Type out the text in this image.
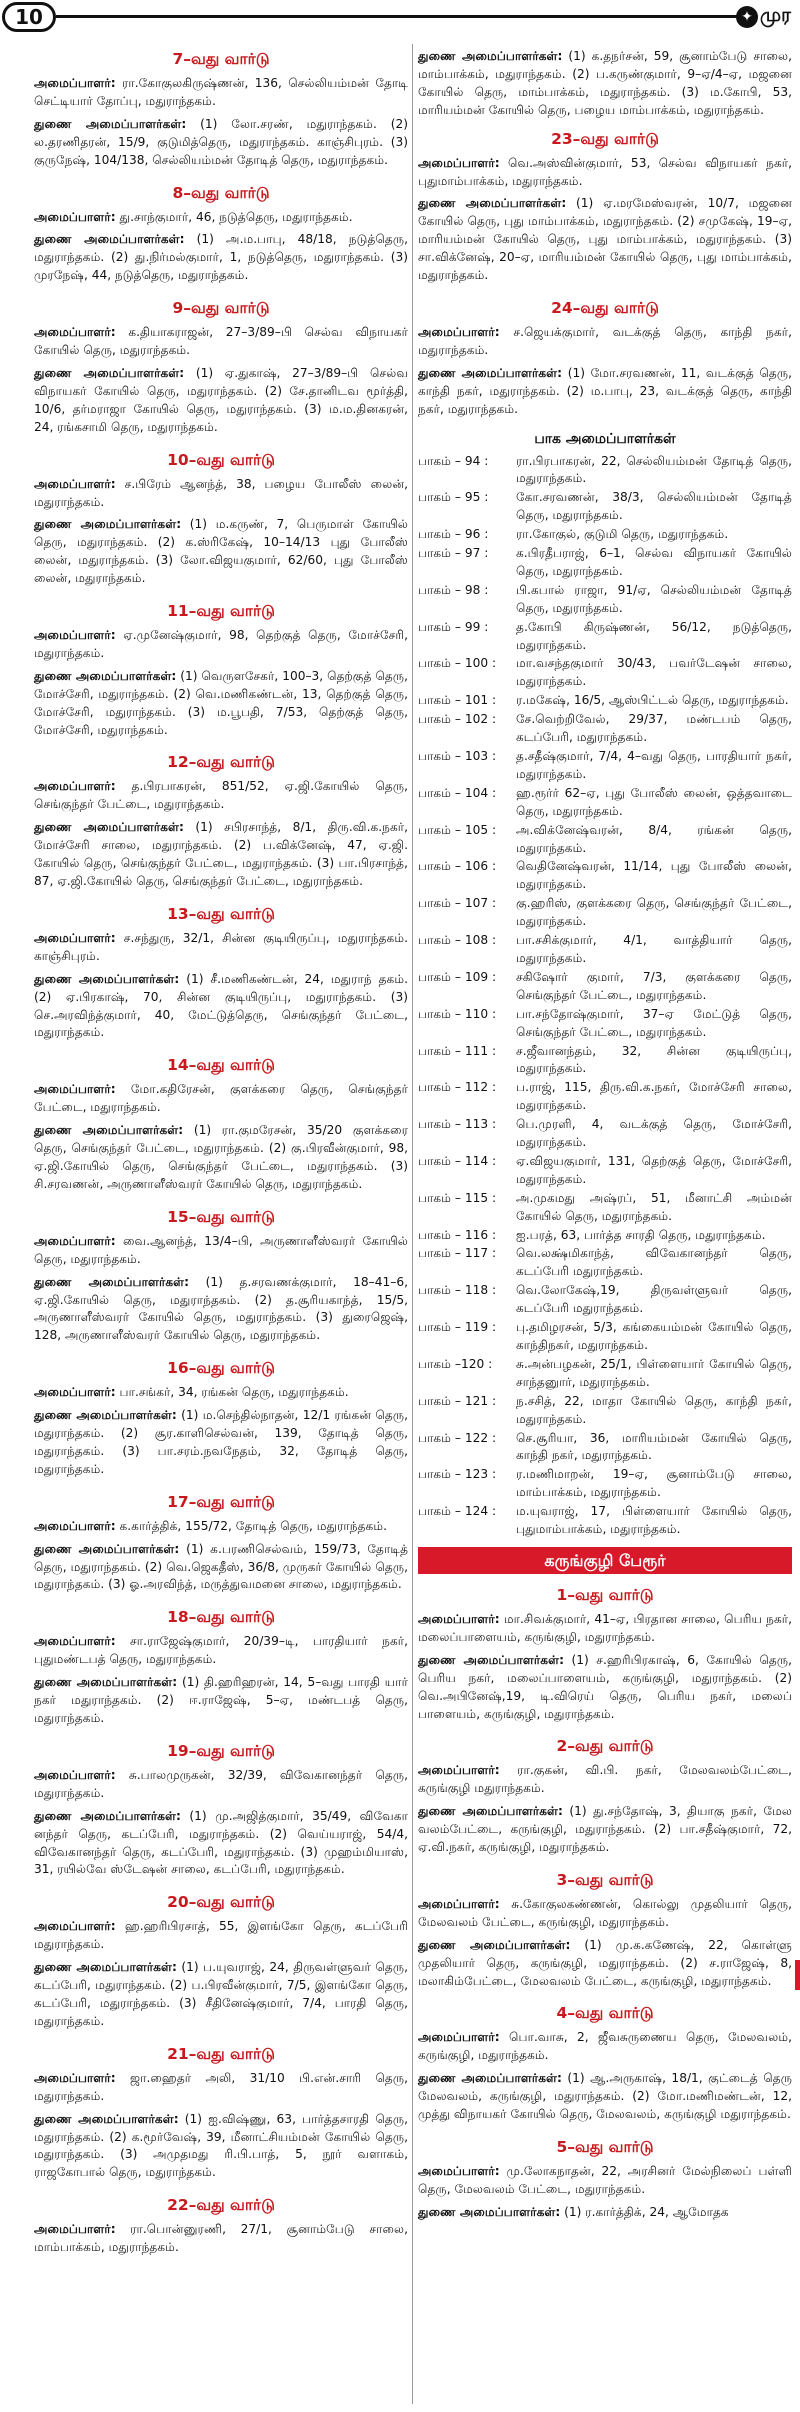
10	✦ முர
7–வது வார்டு
அமைப்பாளர்: ரா.கோகுலகிருஷ்ணன், 136, செல்லியம்மன் தோடி செட்டியார் தோப்பு, மதுராந்தகம்.
துணை அமைப்பாளர்கள்: (1) லோ.சரண், மதுராந்தகம். (2) ல.தரணிதரன், 15/9, குடுமித்தெரு, மதுராந்தகம். காஞ்சிபுரம். (3) குருநேஷ், 104/138, செல்லியம்மன் தோடித் தெரு, மதுராந்தகம்.
8–வது வார்டு
அமைப்பாளர்: து.சாந்குமார், 46, நடுத்தெரு, மதுராந்தகம்.
துணை அமைப்பாளர்கள்: (1) அ.ம.பாபு, 48/18, நடுத்தெரு, மதுராந்தகம். (2) து.நிர்மல்குமார், 1, நடுத்தெரு, மதுராந்தகம். (3) முரநேஷ், 44, நடுத்தெரு, மதுராந்தகம்.
9–வது வார்டு
அமைப்பாளர்: க.தியாகராஜன், 27–3/89–பி செல்வ விநாயகர் கோயில் தெரு, மதுராந்தகம்.
துணை அமைப்பாளர்கள்: (1) ஏ.துகாஷ், 27–3/89–பி செல்வ விநாயகர் கோயில் தெரு, மதுராந்தகம். (2) சே.தானிடவ மூர்த்தி, 10/6, தர்மராஜா கோயில் தெரு, மதுராந்தகம். (3) ம.ம.தினகரன், 24, ரங்கசாமி தெரு, மதுராந்தகம்.
10–வது வார்டு
அமைப்பாளர்: ச.பிரேம் ஆனந்த், 38, பழைய போலீஸ் லைன், மதுராந்தகம்.
துணை அமைப்பாளர்கள்: (1) ம.கருண், 7, பெருமாள் கோயில் தெரு, மதுராந்தகம். (2) க.ஸ்ரிகேஷ், 10–14/13 புது போலீஸ் லைன், மதுராந்தகம். (3) லோ.விஜயகுமார், 62/60, புது போலீஸ் லைன், மதுராந்தகம்.
11–வது வார்டு
அமைப்பாளர்: ஏ.முனேஷ்குமார், 98, தெற்குத் தெரு, மோச்சேரி, மதுராந்தகம்.
துணை அமைப்பாளர்கள்: (1) வெருளசேகர், 100–3, தெற்குத் தெரு, மோச்சேரி, மதுராந்தகம். (2) வெ.மணிகண்டன், 13, தெற்குத் தெரு, மோச்சேரி, மதுராந்தகம். (3) ம.பூபதி, 7/53, தெற்குத் தெரு, மோச்சேரி, மதுராந்தகம்.
12–வது வார்டு
அமைப்பாளர்: த.பிரபாகரன், 851/52, ஏ.ஜி.கோயில் தெரு, செங்குந்தர் பேட்டை, மதுராந்தகம்.
துணை அமைப்பாளர்கள்: (1) சபிரசாந்த், 8/1, திரு.வி.க.நகர், மோச்சேரி சாலை, மதுராந்தகம். (2) ப.விக்னேஷ், 47, ஏ.ஜி. கோயில் தெரு, செங்குந்தர் பேட்டை, மதுராந்தகம். (3) பா.பிரசாந்த், 87, ஏ.ஜி.கோயில் தெரு, செங்குந்தர் பேட்டை, மதுராந்தகம்.
13–வது வார்டு
அமைப்பாளர்: ச.சந்துரு, 32/1, சின்ன குடியிருப்பு, மதுராந்தகம். காஞ்சிபுரம்.
துணை அமைப்பாளர்கள்: (1) சீ.மணிகண்டன், 24, மதுராந் தகம். (2) ஏ.பிரகாஷ், 70, சின்ன குடியிருப்பு, மதுராந்தகம். (3) செ.அரவிந்த்குமார், 40, மேட்டுத்தெரு, செங்குந்தர் பேட்டை, மதுராந்தகம்.
14–வது வார்டு
அமைப்பாளர்: மோ.கதிரேசன், குளக்கரை தெரு, செங்குந்தர் பேட்டை, மதுராந்தகம்.
துணை அமைப்பாளர்கள்: (1) ரா.குமரேசன், 35/20 குளக்கரை தெரு, செங்குந்தர் பேட்டை, மதுராந்தகம். (2) கு.பிரவீன்குமார், 98, ஏ.ஜி.கோயில் தெரு, செங்குந்தர் பேட்டை, மதுராந்தகம். (3) சி.சரவணன், அருணாளீஸ்வரர் கோயில் தெரு, மதுராந்தகம்.
15–வது வார்டு
அமைப்பாளர்: வை.ஆனந்த், 13/4–பி, அருணாளீஸ்வரர் கோயில் தெரு, மதுராந்தகம்.
துணை அமைப்பாளர்கள்: (1) த.சரவணக்குமார், 18–41–6, ஏ.ஜி.கோயில் தெரு, மதுராந்தகம். (2) த.சூரியகாந்த், 15/5, அருணாளீஸ்வரர் கோயில் தெரு, மதுராந்தகம். (3) துரைஜெஷ், 128, அருணாளீஸ்வரர் கோயில் தெரு, மதுராந்தகம்.
16–வது வார்டு
அமைப்பாளர்: பா.சங்கர், 34, ரங்கன் தெரு, மதுராந்தகம்.
துணை அமைப்பாளர்கள்: (1) ம.செந்தில்நாதன், 12/1 ரங்கன் தெரு, மதுராந்தகம். (2) சூர.காளிசெல்வன், 139, தோடித் தெரு, மதுராந்தகம். (3) பா.சரம்.நவநேதம், 32, தோடித் தெரு, மதுராந்தகம்.
17–வது வார்டு
அமைப்பாளர்: க.கார்த்திக், 155/72, தோடித் தெரு, மதுராந்தகம்.
துணை அமைப்பாளர்கள்: (1) க.பரணிசெல்வம், 159/73, தோடித் தெரு, மதுராந்தகம். (2) வெ.ஜெகதீஸ், 36/8, முருகர் கோயில் தெரு, மதுராந்தகம். (3) ஓ.அரவிந்த், மருத்துவமனை சாலை, மதுராந்தகம்.
18–வது வார்டு
அமைப்பாளர்: சா.ராஜேஷ்குமார், 20/39–டி, பாரதியார் நகர், புதுமண்டபத் தெரு, மதுராந்தகம்.
துணை அமைப்பாளர்கள்: (1) தி.ஹரிஹரன், 14, 5–வது பாரதி யார் நகர் மதுராந்தகம். (2) ஈ.ராஜேஷ், 5–ஏ, மண்டபத் தெரு, மதுராந்தகம்.
19–வது வார்டு
அமைப்பாளர்: சு.பாலமுருகன், 32/39, விவேகானந்தர் தெரு, மதுராந்தகம்.
துணை அமைப்பாளர்கள்: (1) மு.அஜித்குமார், 35/49, விவேகா னந்தர் தெரு, கடப்பேரி, மதுராந்தகம். (2) வெய்யராஜ், 54/4, விவேகானந்தர் தெரு, கடப்பேரி, மதுராந்தகம். (3) முஹம்மியாஸ், 31, ரயில்வே ஸ்டேஷன் சாலை, கடப்பேரி, மதுராந்தகம்.
20–வது வார்டு
அமைப்பாளர்: ஹ.ஹரிபிரசாத், 55, இளங்கோ தெரு, கடப்பேரி மதுராந்தகம்.
துணை அமைப்பாளர்கள்: (1) ப.யுவராஜ், 24, திருவள்ளுவர் தெரு, கடப்பேரி, மதுராந்தகம். (2) ப.பிரவீன்குமார், 7/5, இளங்கோ தெரு, கடப்பேரி, மதுராந்தகம். (3) சீதினேஷ்குமார், 7/4, பாரதி தெரு, மதுராந்தகம்.
21–வது வார்டு
அமைப்பாளர்: ஜா.ஹைதர் அலி, 31/10 பி.என்.சாரி தெரு, மதுராந்தகம்.
துணை அமைப்பாளர்கள்: (1) ஐ.விஷ்ணு, 63, பார்த்தசாரதி தெரு, மதுராந்தகம். (2) க.மூர்வேஷ், 39, மீனாட்சியம்மன் கோயில் தெரு, மதுராந்தகம். (3) அமுதமது ரி.பி.பாத், 5, நூர் வளாகம், ராஜகோபால் தெரு, மதுராந்தகம்.
22–வது வார்டு
அமைப்பாளர்: ரா.பொன்னுரணி, 27/1, சூனாம்பேடு சாலை, மாம்பாக்கம், மதுராந்தகம்.
துணை அமைப்பாளர்கள்: (1) க.தநர்சன், 59, சூனாம்பேடு சாலை, மாம்பாக்கம், மதுராந்தகம். (2) ப.கருண்குமார், 9–ஏ/4–ஏ, மஜனை கோயில் தெரு, மாம்பாக்கம், மதுராந்தகம். (3) ம.கோபி, 53, மாரியம்மன் கோயில் தெரு, பழைய மாம்பாக்கம், மதுராந்தகம்.
23–வது வார்டு
அமைப்பாளர்: வெ.அஸ்வின்குமார், 53, செல்வ விநாயகர் நகர், புதுமாம்பாக்கம், மதுராந்தகம்.
துணை அமைப்பாளர்கள்: (1) ஏ.மரமேஸ்வரன், 10/7, மஜனை கோயில் தெரு, புது மாம்பாக்கம், மதுராந்தகம். (2) சமுகேஷ், 19–ஏ, மாரியம்மன் கோயில் தெரு, புது மாம்பாக்கம், மதுராந்தகம். (3) சா.விக்னேஷ், 20–ஏ, மாரியம்மன் கோயில் தெரு, புது மாம்பாக்கம், மதுராந்தகம்.
24–வது வார்டு
அமைப்பாளர்: ச.ஜெயக்குமார், வடக்குத் தெரு, காந்தி நகர், மதுராந்தகம்.
துணை அமைப்பாளர்கள்: (1) மோ.சரவணன், 11, வடக்குத் தெரு, காந்தி நகர், மதுராந்தகம். (2) ம.பாபு, 23, வடக்குத் தெரு, காந்தி நகர், மதுராந்தகம்.
பாக அமைப்பாளர்கள்
பாகம் – 94 :	ரா.பிரபாகரன், 22, செல்லியம்மன் தோடித் தெரு, மதுராந்தகம்.
பாகம் – 95 :	கோ.சரவணன், 38/3, செல்லியம்மன் தோடித் தெரு, மதுராந்தகம்.
பாகம் – 96 :	ரா.கோகுல், குடுமி தெரு, மதுராந்தகம்.
பாகம் – 97 :	க.பிரதீபராஜ், 6–1, செல்வ விநாயகர் கோயில் தெரு, மதுராந்தகம்.
பாகம் – 98 :	பி.கபால் ராஜா, 91/ஏ, செல்லியம்மன் தோடித் தெரு, மதுராந்தகம்.
பாகம் – 99 :	த.கோபி கிருஷ்ணன், 56/12, நடுத்தெரு, மதுராந்தகம்.
பாகம் – 100 :	மா.வசந்தகுமார் 30/43, பவர்டேஷன் சாலை, மதுராந்தகம்.
பாகம் – 101 :	ர.மகேஷ், 16/5, ஆஸ்பிட்டல் தெரு, மதுராந்தகம்.
பாகம் – 102 :	சே.வெற்றிவேல், 29/37, மண்டபம் தெரு, கடப்பேரி, மதுராந்தகம்.
பாகம் – 103 :	த.சதீஷ்குமார், 7/4, 4–வது தெரு, பாரதியார் நகர், மதுராந்தகம்.
பாகம் – 104 :	ஹ.ரூர்ர் 62–ஏ, புது போலீஸ் லைன், ஒத்தவாடை தெரு, மதுராந்தகம்.
பாகம் – 105 :	அ.விக்னேஷ்வரன், 8/4, ரங்கன் தெரு, மதுராந்தகம்.
பாகம் – 106 :	வெதினேஷ்வரன், 11/14, புது போலீஸ் லைன், மதுராந்தகம்.
பாகம் – 107 :	கு.ஹரிஸ், குளக்கரை தெரு, செங்குந்தர் பேட்டை, மதுராந்தகம்.
பாகம் – 108 :	பா.சசிக்குமார், 4/1, வாத்தியார் தெரு, மதுராந்தகம்.
பாகம் – 109 :	சகிஷோர் குமார், 7/3, குளக்கரை தெரு, செங்குந்தர் பேட்டை, மதுராந்தகம்.
பாகம் – 110 :	பா.சந்தோஷ்குமார், 37–ஏ மேட்டுத் தெரு, செங்குந்தர் பேட்டை, மதுராந்தகம்.
பாகம் – 111 :	ச.ஜீவானந்தம், 32, சின்ன குடியிருப்பு, மதுராந்தகம்.
பாகம் – 112 :	ப.ராஜ், 115, திரு.வி.க.நகர், மோச்சேரி சாலை, மதுராந்தகம்.
பாகம் – 113 :	பெ.முரளி, 4, வடக்குத் தெரு, மோச்சேரி, மதுராந்தகம்.
பாகம் – 114 :	ஏ.விஜயகுமார், 131, தெற்குத் தெரு, மோச்சேரி, மதுராந்தகம்.
பாகம் – 115 :	அ.முகமது அஷ்ரப், 51, மீனாட்சி அம்மன் கோயில் தெரு, மதுராந்தகம்.
பாகம் – 116 :	ஐ.பரத், 63, பார்த்த சாரதி தெரு, மதுராந்தகம்.
பாகம் – 117 :	வெ.லக்ஷ்மிகாந்த், விவேகானந்தர் தெரு, கடப்பேரி மதுராந்தகம்.
பாகம் – 118 :	வெ.லோகேஷ்,19, திருவள்ளுவர் தெரு, கடப்பேரி மதுராந்தகம்.
பாகம் – 119 :	பு.தமிழரசன், 5/3, கங்கையம்மன் கோயில் தெரு, காந்திநகர், மதுராந்தகம்.
பாகம் –120 :	சு.அன்பழகன், 25/1, பிள்ளையார் கோயில் தெரு, சாந்தனுார், மதுராந்தகம்.
பாகம் – 121 :	ந.சசித், 22, மாதா கோயில் தெரு, காந்தி நகர், மதுராந்தகம்.
பாகம் – 122 :	செ.சூரியா, 36, மாரியம்மன் கோயில் தெரு, காந்தி நகர், மதுராந்தகம்.
பாகம் – 123 :	ர.மணிமாறன், 19–ஏ, சூனாம்பேடு சாலை, மாம்பாக்கம், மதுராந்தகம்.
பாகம் – 124 :	ம.யுவராஜ், 17, பிள்ளையார் கோயில் தெரு, புதுமாம்பாக்கம், மதுராந்தகம்.
கருங்குழி பேரூர்
1–வது வார்டு
அமைப்பாளர்: மா.சிவக்குமார், 41–ஏ, பிரதான சாலை, பெரிய நகர், மலைப்பாளையம், கருங்குழி, மதுராந்தகம்.
துணை அமைப்பாளர்கள்: (1) ச.ஹரிபிரகாஷ், 6, கோயில் தெரு, பெரிய நகர், மலைப்பாளையம், கருங்குழி, மதுராந்தகம். (2) வெ.அபினேஷ்,19, டி.விரெய் தெரு, பெரிய நகர், மலைப் பாளையம், கருங்குழி, மதுராந்தகம்.
2–வது வார்டு
அமைப்பாளர்: ரா.குகன், வி.பி. நகர், மேலவலம்பேட்டை, கருங்குழி மதுராந்தகம்.
துணை அமைப்பாளர்கள்: (1) து.சந்தோஷ், 3, தியாகு நகர், மேல வலம்பேட்டை, கருங்குழி, மதுராந்தகம். (2) பா.சதீஷ்குமார், 72, ஏ.வி.நகர், கருங்குழி, மதுராந்தகம்.
3–வது வார்டு
அமைப்பாளர்: சு.கோகுலகண்ணன், கொல்லு முதலியார் தெரு, மேலவலம் பேட்டை, கருங்குழி, மதுராந்தகம்.
துணை அமைப்பாளர்கள்: (1) மு.க.கணேஷ், 22, கொள்ளு முதலியார் தெரு, கருங்குழி, மதுராந்தகம். (2) ச.ராஜேஷ், 8, மலாகிம்பேட்டை, மேலவலம் பேட்டை, கருங்குழி, மதுராந்தகம்.
4–வது வார்டு
அமைப்பாளர்: பொ.வாசு, 2, ஜீவசுருணைய தெரு, மேலவலம், கருங்குழி, மதுராந்தகம்.
துணை அமைப்பாளர்கள்: (1) ஆ.அருகாஷ், 18/1, குட்டைத் தெரு மேலவலம், கருங்குழி, மதுராந்தகம். (2) மோ.மணிமண்டன், 12, முத்து விநாயகர் கோயில் தெரு, மேலவலம், கருங்குழி மதுராந்தகம்.
5–வது வார்டு
அமைப்பாளர்: மு.லோகநாதன், 22, அரசினர் மேல்நிலைப் பள்ளி தெரு, மேலவலம் பேட்டை, மதுராந்தகம்.
துணை அமைப்பாளர்கள்: (1) ர.கார்த்திக், 24, ஆமோதக
